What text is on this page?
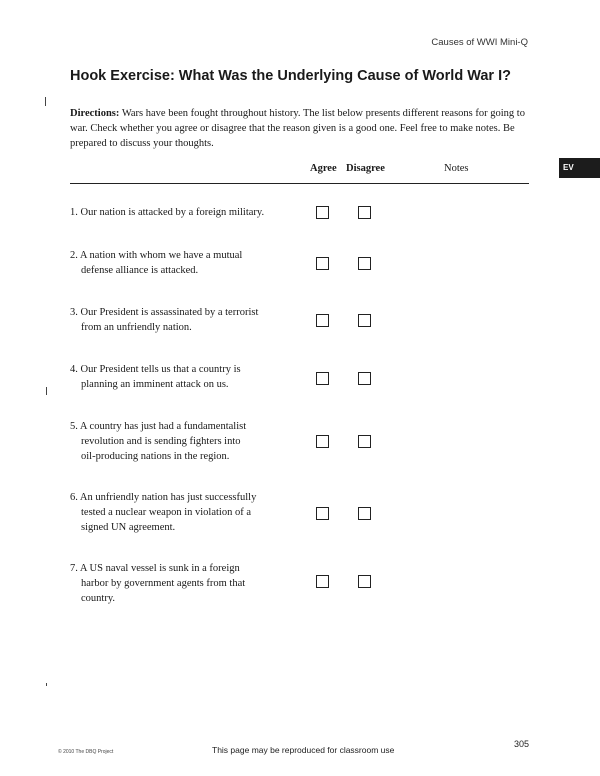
Causes of WWI Mini-Q
Hook Exercise: What Was the Underlying Cause of World War I?
Directions: Wars have been fought throughout history. The list below presents different reasons for going to war. Check whether you agree or disagree that the reason given is a good one. Feel free to make notes. Be prepared to discuss your thoughts.
EV
Agree Disagree	Notes
1. Our nation is attacked by a foreign military.
2. A nation with whom we have a mutual
defense alliance is attacked.
3. Our President is assassinated by a terrorist
from an unfriendly nation.
4. Our President tells us that a country is
planning an imminent attack on us.
5. A country has just had a fundamentalist
revolution and is sending fighters into
oil-producing nations in the region.
6. An unfriendly nation has just successfully
tested a nuclear weapon in violation of a
signed UN agreement.
7. A US naval vessel is sunk in a foreign
harbor by government agents from that
country.
© 2010 The DBQ Project	This page may be reproduced for classroom use
305
